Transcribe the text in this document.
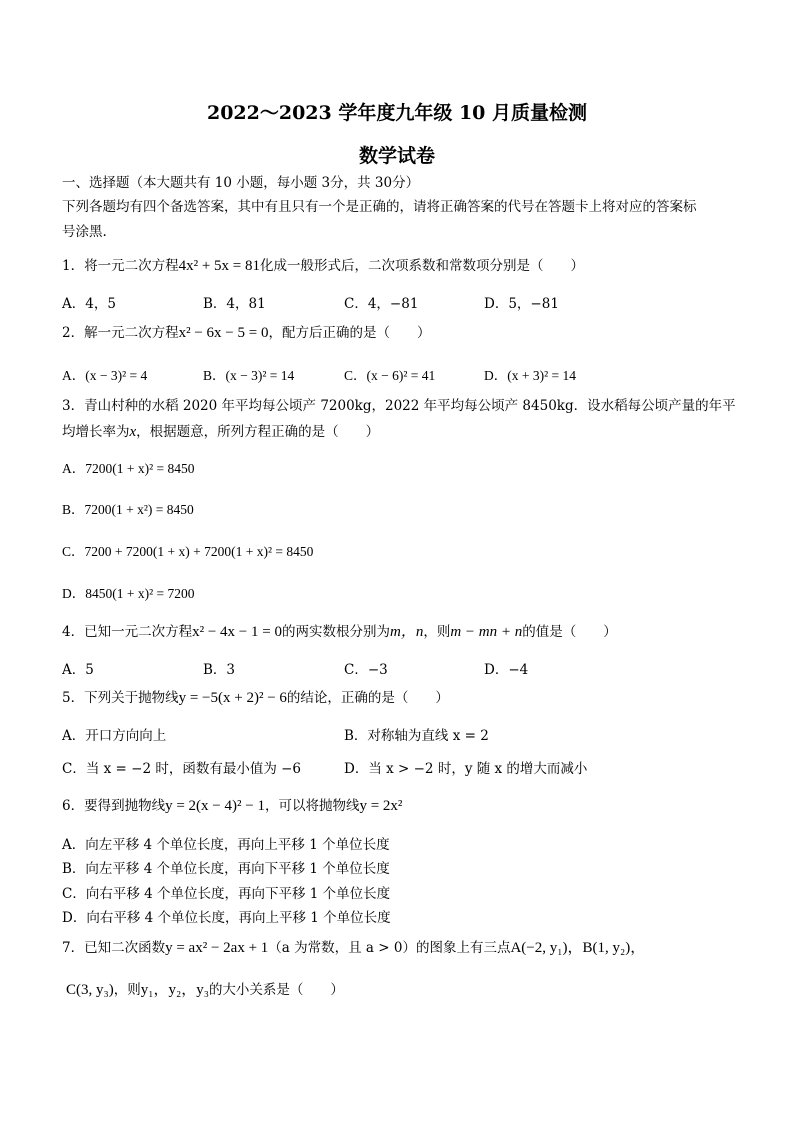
2022～2023 学年度九年级 10 月质量检测
数学试卷
一、选择题（本大题共有 10 小题，每小题 3分，共 30分）
下列各题均有四个备选答案，其中有且只有一个是正确的，请将正确答案的代号在答题卡上将对应的答案标
号涂黑.
1．将一元二次方程4x² + 5x = 81化成一般形式后，二次项系数和常数项分别是（　　）
A．4，5	B．4，81	C．4，−81	D．5，−81
2．解一元二次方程x² − 6x − 5 = 0，配方后正确的是（　　）
A．(x − 3)² = 4	B．(x − 3)² = 14	C．(x − 6)² = 41	D．(x + 3)² = 14
3．青山村种的水稻 2020 年平均每公顷产 7200kg，2022 年平均每公顷产 8450kg．设水稻每公顷产量的年平
均增长率为x，根据题意，所列方程正确的是（　　）
A．7200(1 + x)² = 8450
B．7200(1 + x²) = 8450
C．7200 + 7200(1 + x) + 7200(1 + x)² = 8450
D．8450(1 + x)² = 7200
4．已知一元二次方程x² − 4x − 1 = 0的两实数根分别为m，n，则m − mn + n的值是（　　）
A．5	B．3	C．−3	D．−4
5．下列关于抛物线y = −5(x + 2)² − 6的结论，正确的是（　　）
A．开口方向向上	B．对称轴为直线 x = 2
C．当 x = −2 时，函数有最小值为 −6	D．当 x > −2 时，y 随 x 的增大而减小
6．要得到抛物线y = 2(x − 4)² − 1，可以将抛物线y = 2x²
A．向左平移 4 个单位长度，再向上平移 1 个单位长度
B．向左平移 4 个单位长度，再向下平移 1 个单位长度
C．向右平移 4 个单位长度，再向下平移 1 个单位长度
D．向右平移 4 个单位长度，再向上平移 1 个单位长度
7．已知二次函数y = ax² − 2ax + 1（a 为常数，且 a > 0）的图象上有三点A(−2, y₁)，B(1, y₂)，
C(3, y₃)，则y₁，y₂，y₃的大小关系是（　　）
